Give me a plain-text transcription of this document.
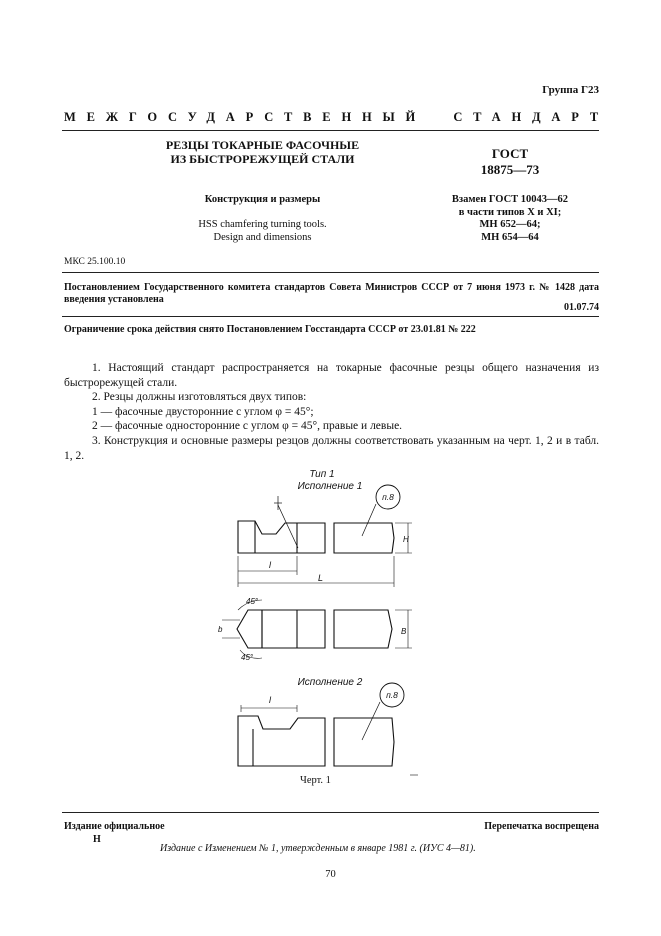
Группа Г23
МЕЖГОСУДАРСТВЕННЫЙ СТАНДАРТ
РЕЗЦЫ ТОКАРНЫЕ ФАСОЧНЫЕ
ИЗ БЫСТРОРЕЖУЩЕЙ СТАЛИ	ГОСТ
18875—73
Конструкция и размеры	Взамен ГОСТ 10043—62
в части типов X и XI;
МН 652—64;
МН 654—64
HSS chamfering turning tools.
Design and dimensions
МКС 25.100.10
Постановлением Государственного комитета стандартов Совета Министров СССР от 7 июня 1973 г. № 1428 дата введения установлена
01.07.74
Ограничение срока действия снято Постановлением Госстандарта СССР от 23.01.81 № 222

1. Настоящий стандарт распространяется на токарные фасочные резцы общего назначения из быстрорежущей стали.

2. Резцы должны изготовляться двух типов:

1 — фасочные двусторонние с углом φ = 45°;

2 — фасочные односторонние с углом φ = 45°, правые и левые.

3. Конструкция и основные размеры резцов должны соответствовать указанным на черт. 1, 2 и в табл. 1, 2.

Тип 1
Исполнение 1
п.8
H
l
L
B
b
45°
45°
Исполнение 2
l	п.8
Черт. 1
Издание официальное
Н
Перепечатка воспрещена
Издание с Изменением № 1, утвержденным в январе 1981 г. (ИУС 4—81).
70
